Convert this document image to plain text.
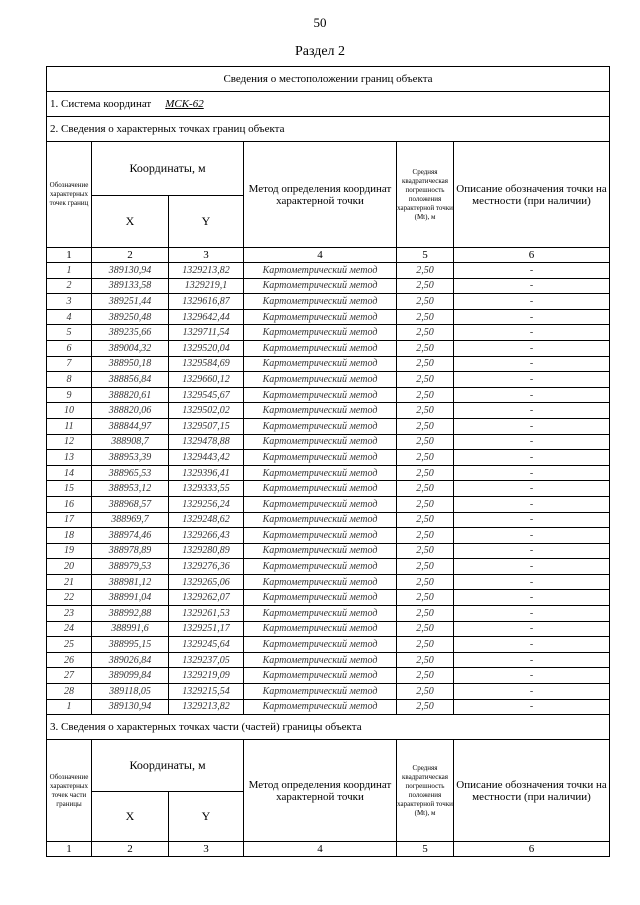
50
Раздел 2
Сведения о местоположении границ объекта					
1. Система координат МСК-62					
2. Сведения о характерных точках границ объекта					
Обозначение характерных точек границ	Координаты, м		Метод определения координат характерной точки	Средняя квадратическая погрешность положения характерной точки (Mt), м	Описание обозначения точки на местности (при наличии)
	X	Y			
1	2	3	4	5	6
1	389130,94	1329213,82	Картометрический метод	2,50	-
2	389133,58	1329219,1	Картометрический метод	2,50	-
3	389251,44	1329616,87	Картометрический метод	2,50	-
4	389250,48	1329642,44	Картометрический метод	2,50	-
5	389235,66	1329711,54	Картометрический метод	2,50	-
6	389004,32	1329520,04	Картометрический метод	2,50	-
7	388950,18	1329584,69	Картометрический метод	2,50	-
8	388856,84	1329660,12	Картометрический метод	2,50	-
9	388820,61	1329545,67	Картометрический метод	2,50	-
10	388820,06	1329502,02	Картометрический метод	2,50	-
11	388844,97	1329507,15	Картометрический метод	2,50	-
12	388908,7	1329478,88	Картометрический метод	2,50	-
13	388953,39	1329443,42	Картометрический метод	2,50	-
14	388965,53	1329396,41	Картометрический метод	2,50	-
15	388953,12	1329333,55	Картометрический метод	2,50	-
16	388968,57	1329256,24	Картометрический метод	2,50	-
17	388969,7	1329248,62	Картометрический метод	2,50	-
18	388974,46	1329266,43	Картометрический метод	2,50	-
19	388978,89	1329280,89	Картометрический метод	2,50	-
20	388979,53	1329276,36	Картометрический метод	2,50	-
21	388981,12	1329265,06	Картометрический метод	2,50	-
22	388991,04	1329262,07	Картометрический метод	2,50	-
23	388992,88	1329261,53	Картометрический метод	2,50	-
24	388991,6	1329251,17	Картометрический метод	2,50	-
25	388995,15	1329245,64	Картометрический метод	2,50	-
26	389026,84	1329237,05	Картометрический метод	2,50	-
27	389099,84	1329219,09	Картометрический метод	2,50	-
28	389118,05	1329215,54	Картометрический метод	2,50	-
1	389130,94	1329213,82	Картометрический метод	2,50	-
3. Сведения о характерных точках части (частей) границы объекта					
Обозначение характерных точек части границы	Координаты, м		Метод определения координат характерной точки	Средняя квадратическая погрешность положения характерной точки (Mt), м	Описание обозначения точки на местности (при наличии)
	X	Y			
1	2	3	4	5	6
